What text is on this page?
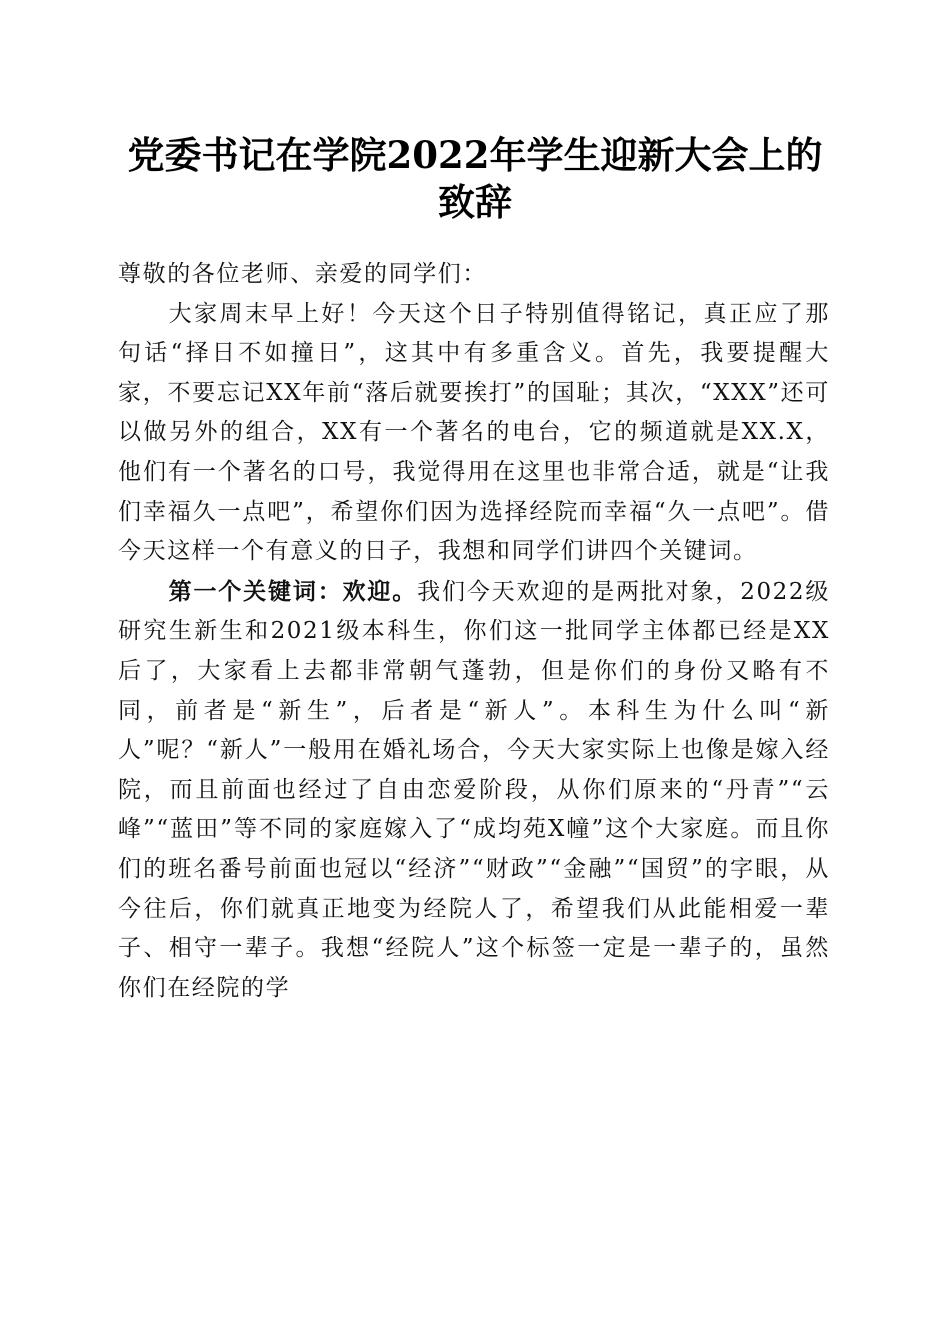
党委书记在学院2022年学生迎新大会上的致辞

尊敬的各位老师、亲爱的同学们：

大家周末早上好！今天这个日子特别值得铭记，真正应了那句话“择日不如撞日”，这其中有多重含义。首先，我要提醒大家，不要忘记XX年前“落后就要挨打”的国耻；其次，“XXX”还可以做另外的组合，XX有一个著名的电台，它的频道就是XX.X，他们有一个著名的口号，我觉得用在这里也非常合适，就是“让我们幸福久一点吧”，希望你们因为选择经院而幸福“久一点吧”。借今天这样一个有意义的日子，我想和同学们讲四个关键词。

第一个关键词：欢迎。我们今天欢迎的是两批对象，2022级研究生新生和2021级本科生，你们这一批同学主体都已经是XX后了，大家看上去都非常朝气蓬勃，但是你们的身份又略有不同，前者是“新生”，后者是“新人”。本科生为什么叫“新人”呢？“新人”一般用在婚礼场合，今天大家实际上也像是嫁入经院，而且前面也经过了自由恋爱阶段，从你们原来的“丹青”“云峰”“蓝田”等不同的家庭嫁入了“成均苑X幢”这个大家庭。而且你们的班名番号前面也冠以“经济”“财政”“金融”“国贸”的字眼，从今往后，你们就真正地变为经院人了，希望我们从此能相爱一辈子、相守一辈子。我想“经院人”这个标签一定是一辈子的，虽然你们在经院的学
